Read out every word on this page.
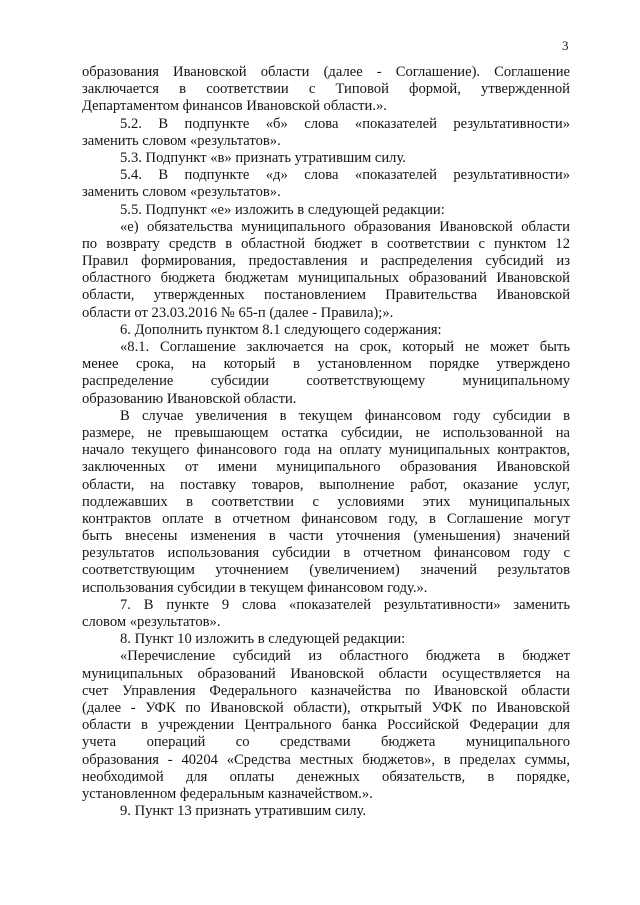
3
образования Ивановской области (далее - Соглашение). Соглашение
заключается в соответствии с Типовой формой, утвержденной
Департаментом финансов Ивановской области.».
5.2. В подпункте «б» слова «показателей результативности»
заменить словом «результатов».
5.3. Подпункт «в» признать утратившим силу.
5.4. В подпункте «д» слова «показателей результативности»
заменить словом «результатов».
5.5. Подпункт «е» изложить в следующей редакции:
«е) обязательства муниципального образования Ивановской области
по возврату средств в областной бюджет в соответствии с пунктом 12
Правил формирования, предоставления и распределения субсидий из
областного бюджета бюджетам муниципальных образований Ивановской
области, утвержденных постановлением Правительства Ивановской
области от 23.03.2016 № 65-п (далее - Правила);».
6. Дополнить пунктом 8.1 следующего содержания:
«8.1. Соглашение заключается на срок, который не может быть
менее срока, на который в установленном порядке утверждено
распределение субсидии соответствующему муниципальному
образованию Ивановской области.
В случае увеличения в текущем финансовом году субсидии в
размере, не превышающем остатка субсидии, не использованной на
начало текущего финансового года на оплату муниципальных контрактов,
заключенных от имени муниципального образования Ивановской
области, на поставку товаров, выполнение работ, оказание услуг,
подлежавших в соответствии с условиями этих муниципальных
контрактов оплате в отчетном финансовом году, в Соглашение могут
быть внесены изменения в части уточнения (уменьшения) значений
результатов использования субсидии в отчетном финансовом году с
соответствующим уточнением (увеличением) значений результатов
использования субсидии в текущем финансовом году.».
7. В пункте 9 слова «показателей результативности» заменить
словом «результатов».
8. Пункт 10 изложить в следующей редакции:
«Перечисление субсидий из областного бюджета в бюджет
муниципальных образований Ивановской области осуществляется на
счет Управления Федерального казначейства по Ивановской области
(далее - УФК по Ивановской области), открытый УФК по Ивановской
области в учреждении Центрального банка Российской Федерации для
учета операций со средствами бюджета муниципального
образования - 40204 «Средства местных бюджетов», в пределах суммы,
необходимой для оплаты денежных обязательств, в порядке,
установленном федеральным казначейством.».
9. Пункт 13 признать утратившим силу.
